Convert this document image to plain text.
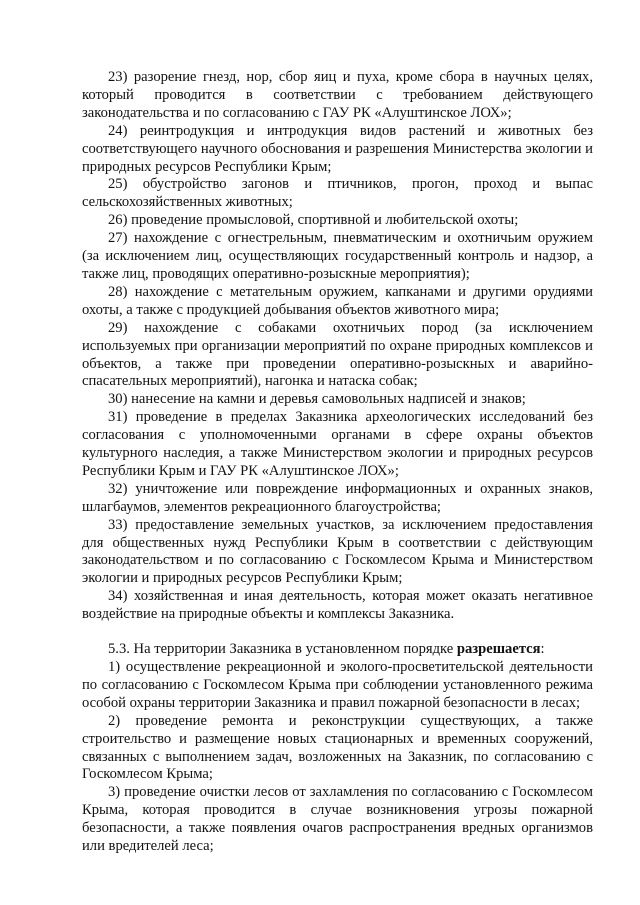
23) разорение гнезд, нор, сбор яиц и пуха, кроме сбора в научных целях, который проводится в соответствии с требованием действующего законодательства и по согласованию с ГАУ РК «Алуштинское ЛОХ»;

24) реинтродукция и интродукция видов растений и животных без соответствующего научного обоснования и разрешения Министерства экологии и природных ресурсов Республики Крым;

25) обустройство загонов и птичников, прогон, проход и выпас сельскохозяйственных животных;

26) проведение промысловой, спортивной и любительской охоты;

27) нахождение с огнестрельным, пневматическим и охотничьим оружием (за исключением лиц, осуществляющих государственный контроль и надзор, а также лиц, проводящих оперативно-розыскные мероприятия);

28) нахождение с метательным оружием, капканами и другими орудиями охоты, а также с продукцией добывания объектов животного мира;

29) нахождение с собаками охотничьих пород (за исключением используемых при организации мероприятий по охране природных комплексов и объектов, а также при проведении оперативно-розыскных и аварийно-спасательных мероприятий), нагонка и натаска собак;

30) нанесение на камни и деревья самовольных надписей и знаков;

31) проведение в пределах Заказника археологических исследований без согласования с уполномоченными органами в сфере охраны объектов культурного наследия, а также Министерством экологии и природных ресурсов Республики Крым и ГАУ РК «Алуштинское ЛОХ»;

32) уничтожение или повреждение информационных и охранных знаков, шлагбаумов, элементов рекреационного благоустройства;

33) предоставление земельных участков, за исключением предоставления для общественных нужд Республики Крым в соответствии с действующим законодательством и по согласованию с Госкомлесом Крыма и Министерством экологии и природных ресурсов Республики Крым;

34) хозяйственная и иная деятельность, которая может оказать негативное воздействие на природные объекты и комплексы Заказника.

5.3. На территории Заказника в установленном порядке разрешается:

1) осуществление рекреационной и эколого-просветительской деятельности по согласованию с Госкомлесом Крыма при соблюдении установленного режима особой охраны территории Заказника и правил пожарной безопасности в лесах;

2) проведение ремонта и реконструкции существующих, а также строительство и размещение новых стационарных и временных сооружений, связанных с выполнением задач, возложенных на Заказник, по согласованию с Госкомлесом Крыма;

3) проведение очистки лесов от захламления по согласованию с Госкомлесом Крыма, которая проводится в случае возникновения угрозы пожарной безопасности, а также появления очагов распространения вредных организмов или вредителей леса;
